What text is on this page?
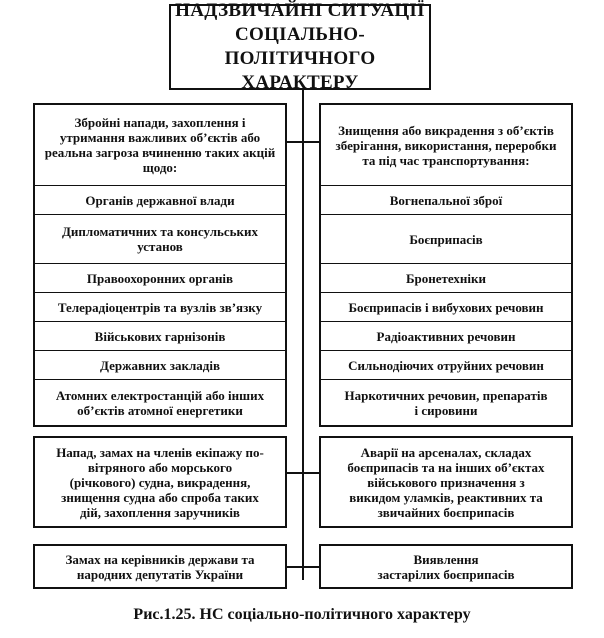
НАДЗВИЧАЙНІ СИТУАЦІЇ
СОЦІАЛЬНО-ПОЛІТИЧНОГО
ХАРАКТЕРУ
Збройні напади, захоплення і
утримання важливих об’єктів або
реальна загроза вчиненню таких акцій
щодо:
Органів державної влади
Дипломатичних та консульських
установ
Правоохоронних органів
Телерадіоцентрів та вузлів зв’язку
Військових гарнізонів
Державних закладів
Атомних електростанцій або інших
об’єктів атомної енергетики
Знищення або викрадення з об’єктів
зберігання, використання, переробки
та під час транспортування:
Вогнепальної зброї
Боєприпасів
Бронетехніки
Боєприпасів і вибухових речовин
Радіоактивних речовин
Сильнодіючих отруйних речовин
Наркотичних речовин, препаратів
і сировини
Напад, замах на членів екіпажу по-
вітряного або морського
(річкового) судна, викрадення,
знищення судна або спроба таких
дій, захоплення заручників
Аварії на арсеналах, складах
боєприпасів та на інших об’єктах
військового призначення з
викидом уламків, реактивних та
звичайних боєприпасів
Замах на керівників держави та
народних депутатів України
Виявлення
застарілих боєприпасів
Рис.1.25. НС соціально-політичного характеру
